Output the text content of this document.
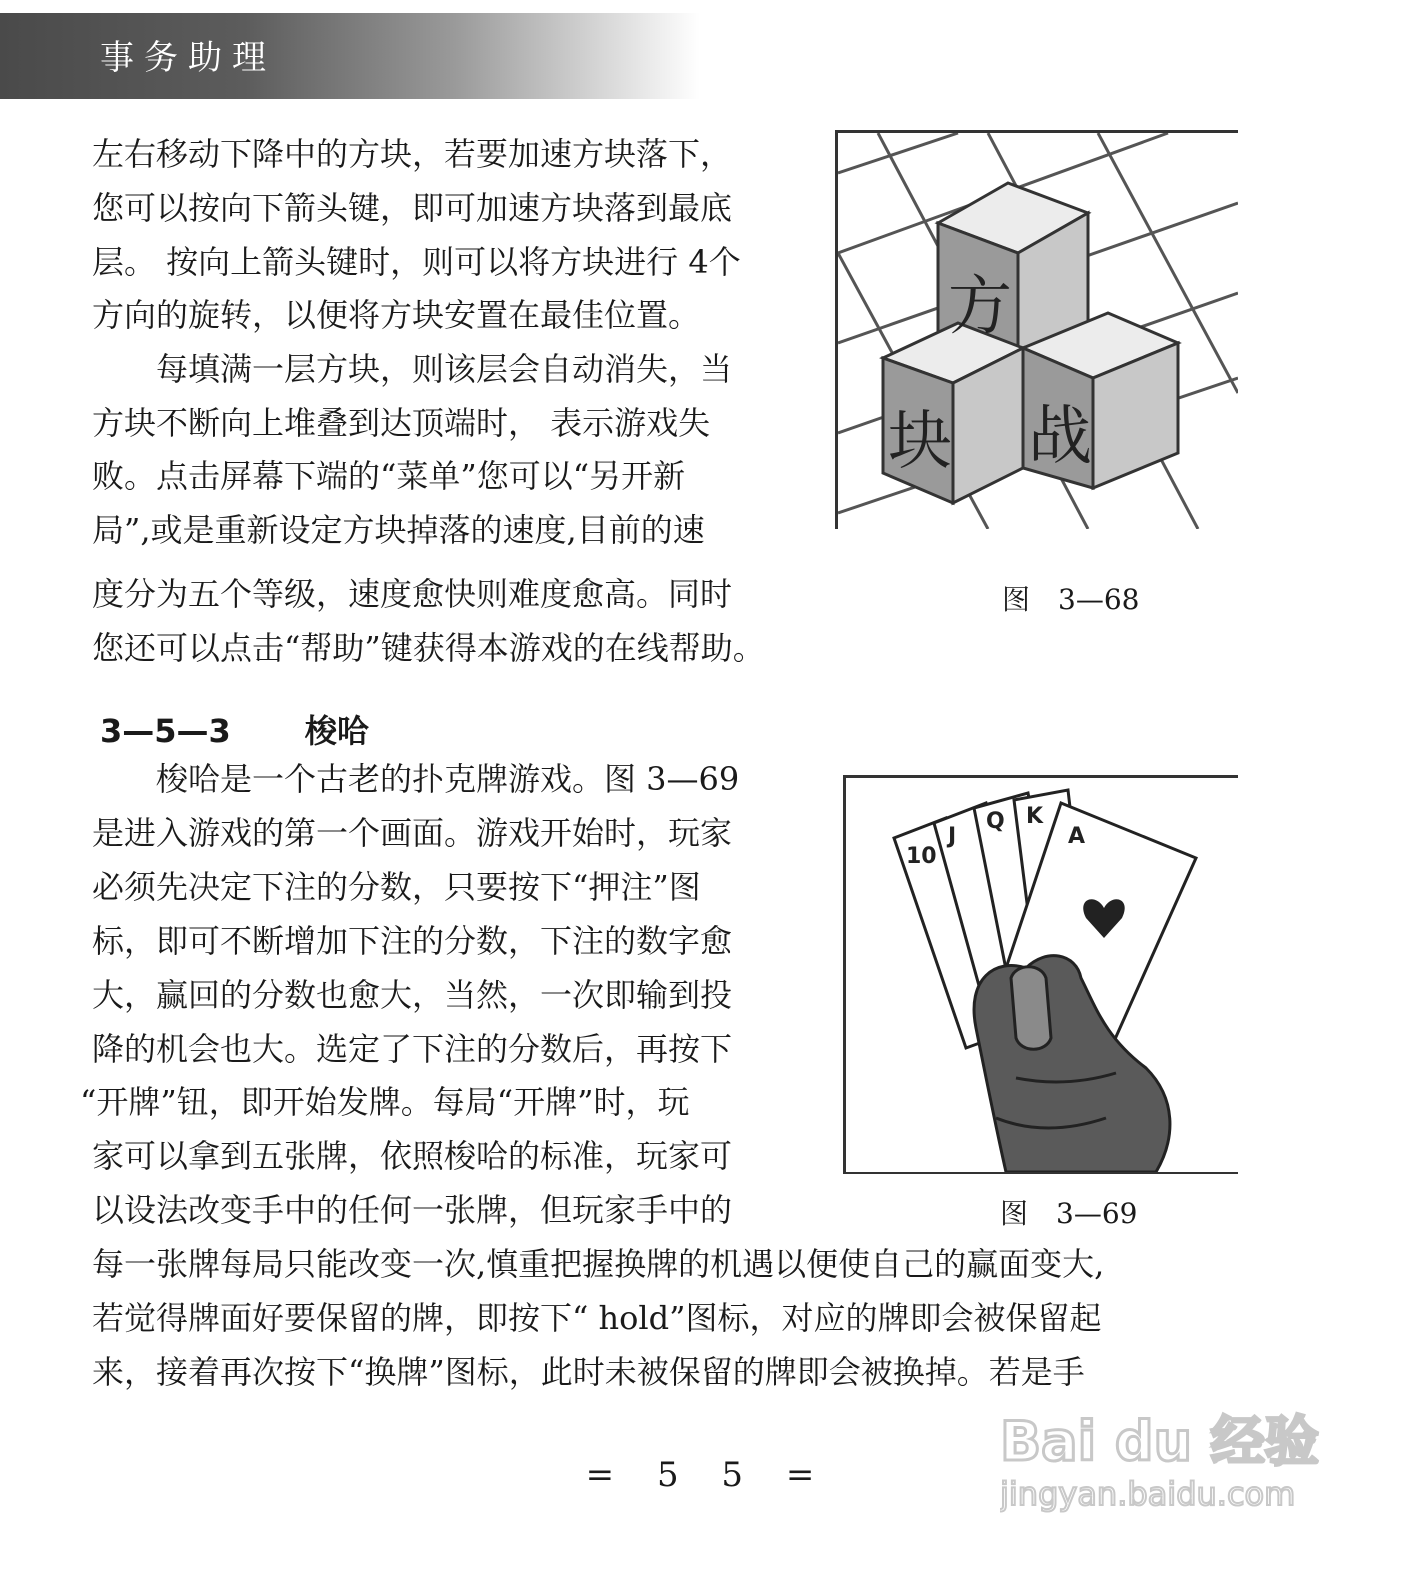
事务助理
左右移动下降中的方块，若要加速方块落下，
您可以按向下箭头键，即可加速方块落到最底
层。 按向上箭头键时，则可以将方块进行 4个
方向的旋转，以便将方块安置在最佳位置。
　　每填满一层方块，则该层会自动消失，当
方块不断向上堆叠到达顶端时， 表示游戏失
败。点击屏幕下端的“菜单”您可以“另开新
局”,或是重新设定方块掉落的速度,目前的速
度分为五个等级，速度愈快则难度愈高。同时
您还可以点击“帮助”键获得本游戏的在线帮助。
方
块 战
图　3—68
3—5—3 梭哈
　　梭哈是一个古老的扑克牌游戏。图 3—69
是进入游戏的第一个画面。游戏开始时，玩家
必须先决定下注的分数，只要按下“押注”图
标，即可不断增加下注的分数，下注的数字愈
大，赢回的分数也愈大，当然，一次即输到投
降的机会也大。选定了下注的分数后，再按下
“开牌”钮，即开始发牌。每局“开牌”时，玩
家可以拿到五张牌，依照梭哈的标准，玩家可
以设法改变手中的任何一张牌，但玩家手中的
每一张牌每局只能改变一次,慎重把握换牌的机遇以便使自己的赢面变大,
若觉得牌面好要保留的牌，即按下“ hold”图标，对应的牌即会被保留起
来，接着再次按下“换牌”图标，此时未被保留的牌即会被换掉。若是手
10
J
Q K
A
图　3—69
= 5 5 =
Bai du 经验
jingyan.baidu.com
